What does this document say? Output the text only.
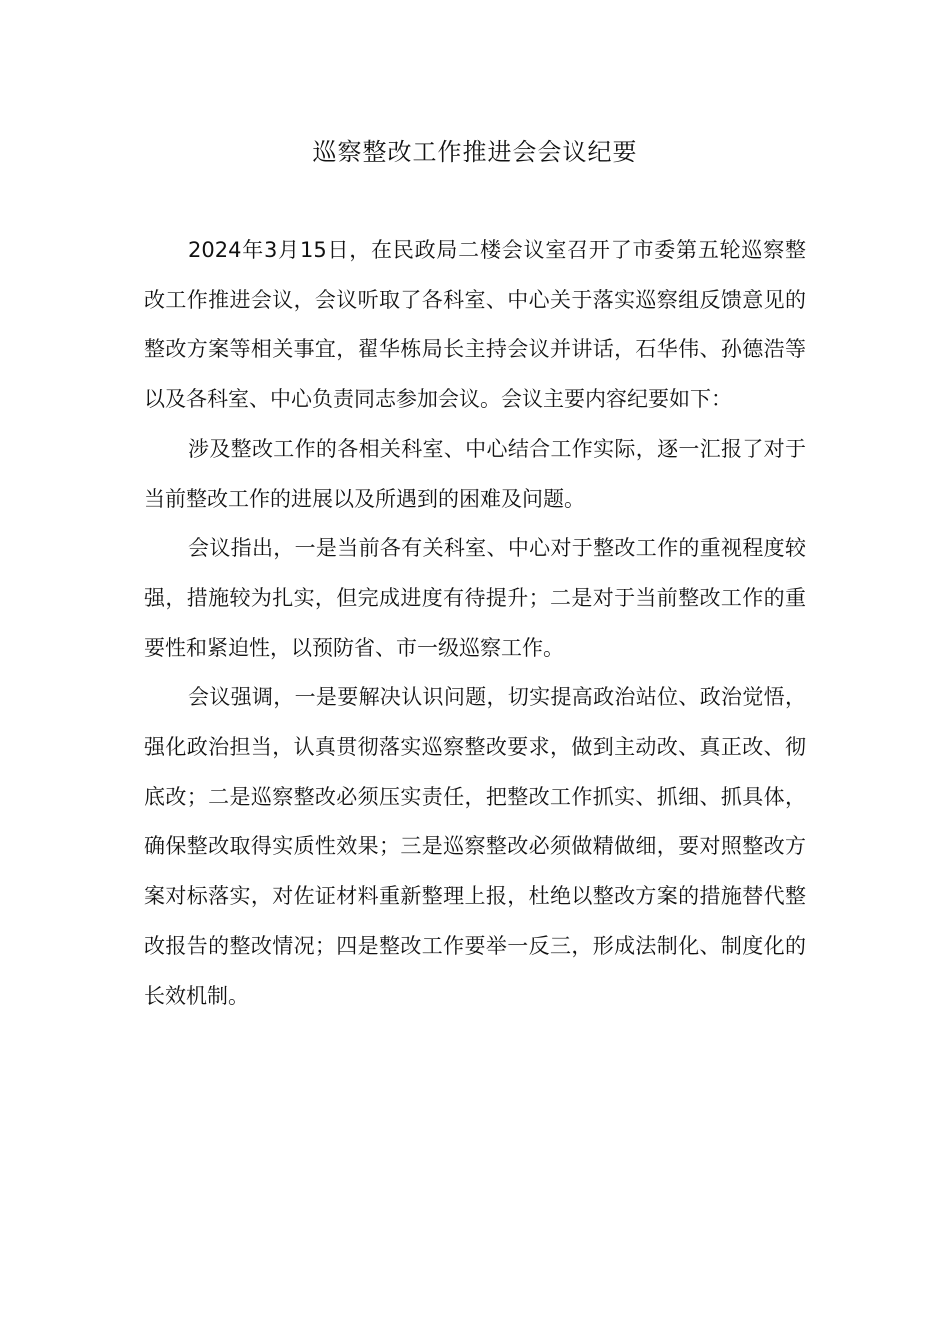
巡察整改工作推进会会议纪要

2024年3月15日，在民政局二楼会议室召开了市委第五轮巡察整改工作推进会议，会议听取了各科室、中心关于落实巡察组反馈意见的整改方案等相关事宜，翟华栋局长主持会议并讲话，石华伟、孙德浩等以及各科室、中心负责同志参加会议。会议主要内容纪要如下：

涉及整改工作的各相关科室、中心结合工作实际，逐一汇报了对于当前整改工作的进展以及所遇到的困难及问题。

会议指出，一是当前各有关科室、中心对于整改工作的重视程度较强，措施较为扎实，但完成进度有待提升；二是对于当前整改工作的重要性和紧迫性，以预防省、市一级巡察工作。

会议强调，一是要解决认识问题，切实提高政治站位、政治觉悟，强化政治担当，认真贯彻落实巡察整改要求，做到主动改、真正改、彻底改；二是巡察整改必须压实责任，把整改工作抓实、抓细、抓具体，确保整改取得实质性效果；三是巡察整改必须做精做细，要对照整改方案对标落实，对佐证材料重新整理上报，杜绝以整改方案的措施替代整改报告的整改情况；四是整改工作要举一反三，形成法制化、制度化的长效机制。
